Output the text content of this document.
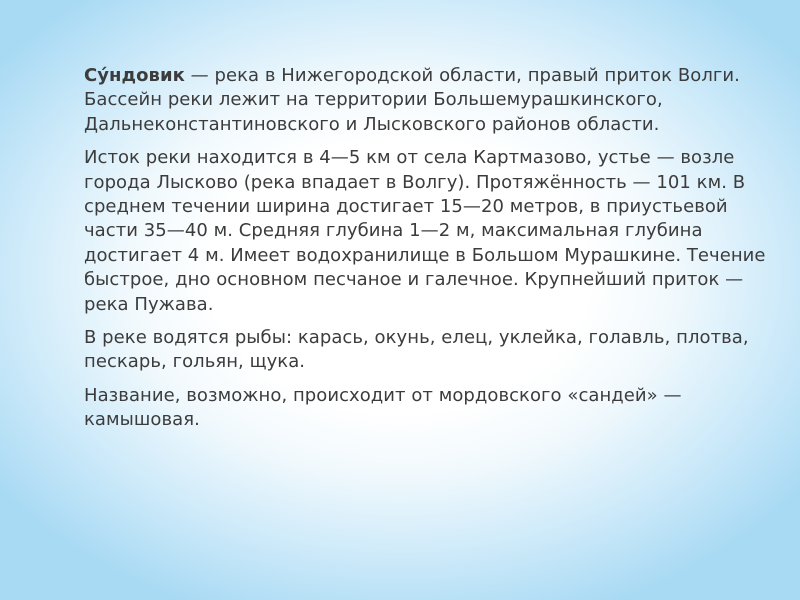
Су́ндовик — река в Нижегородской области, правый приток Волги. Бассейн реки лежит на территории Большемурашкинского, Дальнеконстантиновского и Лысковского районов области.

Исток реки находится в 4—5 км от села Картмазово, устье — возле города Лысково (река впадает в Волгу). Протяжённость — 101 км. В среднем течении ширина достигает 15—20 метров, в приустьевой части 35—40 м. Средняя глубина 1—2 м, максимальная глубина достигает 4 м. Имеет водохранилище в Большом Мурашкине. Течение быстрое, дно основном песчаное и галечное. Крупнейший приток — река Пужава.

В реке водятся рыбы: карась, окунь, елец, уклейка, голавль, плотва, пескарь, гольян, щука.

Название, возможно, происходит от мордовского «сандей» — камышовая.
